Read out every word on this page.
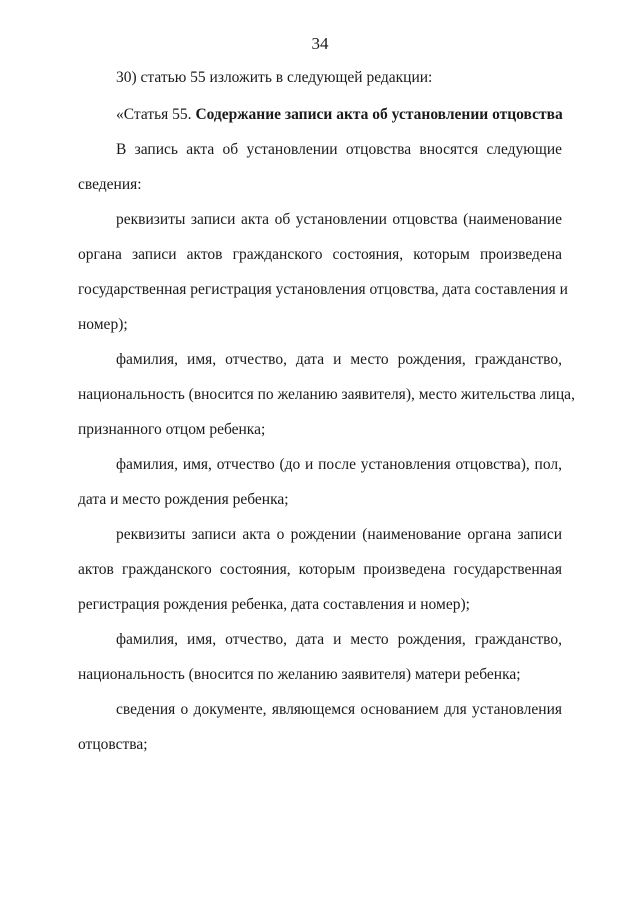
34
30) статью 55 изложить в следующей редакции:
«Статья 55. Содержание записи акта об установлении отцовства
В запись акта об установлении отцовства вносятся следующие
сведения:
реквизиты записи акта об установлении отцовства (наименование
органа записи актов гражданского состояния, которым произведена
государственная регистрация установления отцовства, дата составления и
номер);
фамилия, имя, отчество, дата и место рождения, гражданство,
национальность (вносится по желанию заявителя), место жительства лица,
признанного отцом ребенка;
фамилия, имя, отчество (до и после установления отцовства), пол,
дата и место рождения ребенка;
реквизиты записи акта о рождении (наименование органа записи
актов гражданского состояния, которым произведена государственная
регистрация рождения ребенка, дата составления и номер);
фамилия, имя, отчество, дата и место рождения, гражданство,
национальность (вносится по желанию заявителя) матери ребенка;
сведения о документе, являющемся основанием для установления
отцовства;
